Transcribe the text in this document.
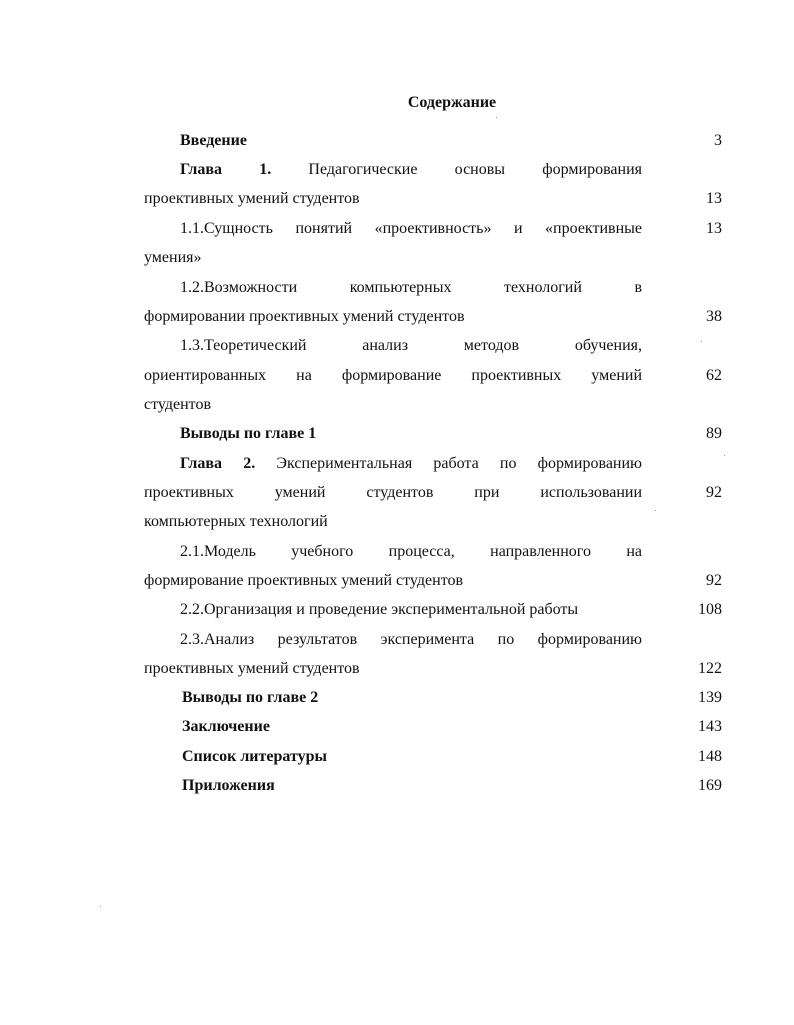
Содержание
Введение	3
Глава 1. Педагогические основы формирования
проективных умений студентов	13
1.1.Сущность понятий «проективность» и «проективные	13
умения»
1.2.Возможности компьютерных технологий в
формировании проективных умений студентов	38
1.3.Теоретический анализ методов обучения,
ориентированных на формирование проективных умений	62
студентов
Выводы по главе 1	89
Глава 2. Экспериментальная работа по формированию
проективных умений студентов при использовании	92
компьютерных технологий
2.1.Модель учебного процесса, направленного на
формирование проективных умений студентов	92
2.2.Организация и проведение экспериментальной работы	108
2.3.Анализ результатов эксперимента по формированию
проективных умений студентов	122
Выводы по главе 2	139
Заключение	143
Список литературы	148
Приложения	169
